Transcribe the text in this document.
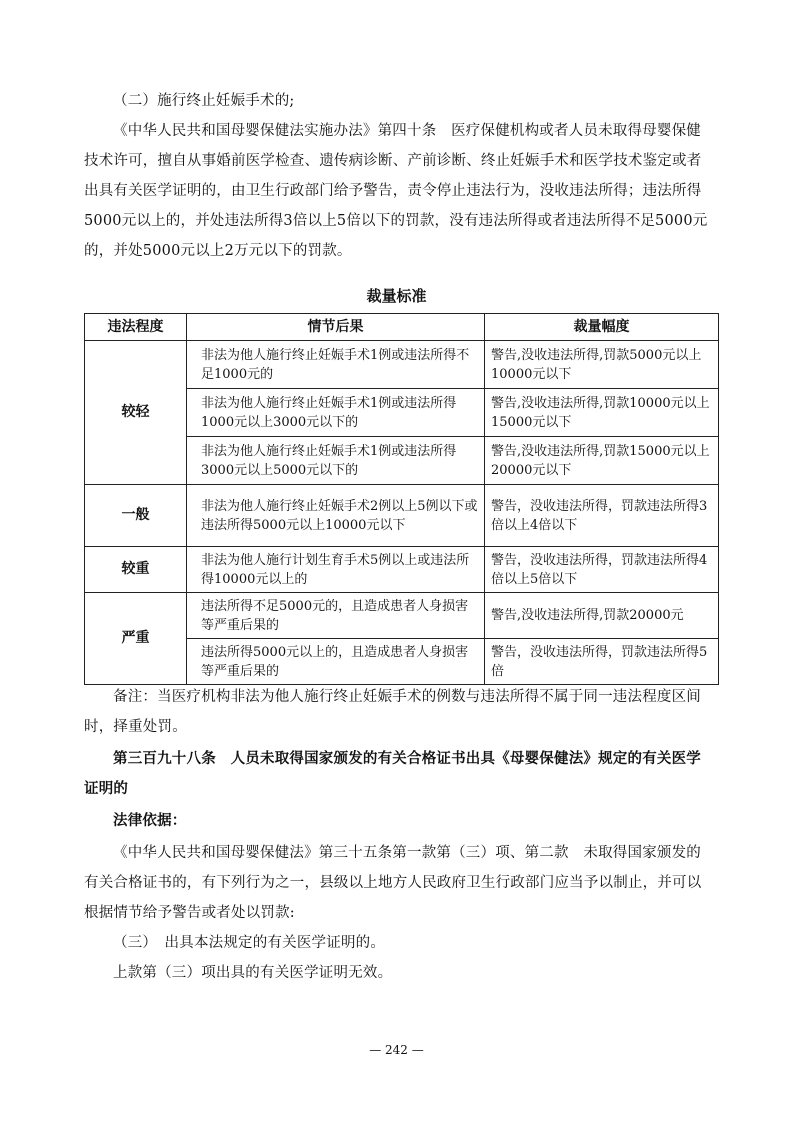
（二）施行终止妊娠手术的;

《中华人民共和国母婴保健法实施办法》第四十条　医疗保健机构或者人员未取得母婴保健技术许可，擅自从事婚前医学检查、遗传病诊断、产前诊断、终止妊娠手术和医学技术鉴定或者出具有关医学证明的，由卫生行政部门给予警告，责令停止违法行为，没收违法所得；违法所得5000元以上的，并处违法所得3倍以上5倍以下的罚款，没有违法所得或者违法所得不足5000元的，并处5000元以上2万元以下的罚款。

裁量标准
违法程度	情节后果	裁量幅度
较轻	非法为他人施行终止妊娠手术1例或违法所得不足1000元的	警告,没收违法所得,罚款5000元以上10000元以下
	非法为他人施行终止妊娠手术1例或违法所得1000元以上3000元以下的	警告,没收违法所得,罚款10000元以上15000元以下
	非法为他人施行终止妊娠手术1例或违法所得3000元以上5000元以下的	警告,没收违法所得,罚款15000元以上20000元以下
一般	非法为他人施行终止妊娠手术2例以上5例以下或违法所得5000元以上10000元以下	警告，没收违法所得，罚款违法所得3倍以上4倍以下
较重	非法为他人施行计划生育手术5例以上或违法所得10000元以上的	警告，没收违法所得，罚款违法所得4倍以上5倍以下
严重	违法所得不足5000元的，且造成患者人身损害等严重后果的	警告,没收违法所得,罚款20000元
	违法所得5000元以上的，且造成患者人身损害等严重后果的	警告，没收违法所得，罚款违法所得5倍

备注：当医疗机构非法为他人施行终止妊娠手术的例数与违法所得不属于同一违法程度区间时，择重处罚。

第三百九十八条　人员未取得国家颁发的有关合格证书出具《母婴保健法》规定的有关医学证明的

法律依据：

《中华人民共和国母婴保健法》第三十五条第一款第（三）项、第二款　未取得国家颁发的有关合格证书的，有下列行为之一，县级以上地方人民政府卫生行政部门应当予以制止，并可以根据情节给予警告或者处以罚款:

（三）　出具本法规定的有关医学证明的。

上款第（三）项出具的有关医学证明无效。

— 242 —
